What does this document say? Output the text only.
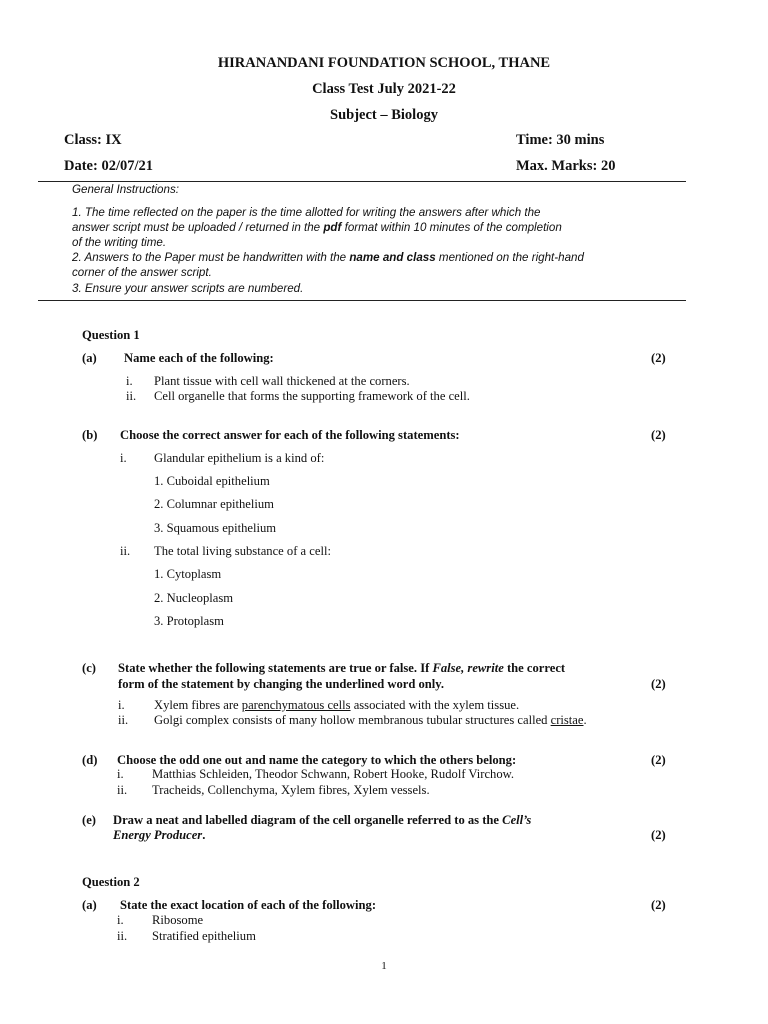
HIRANANDANI FOUNDATION SCHOOL, THANE
Class Test July 2021-22
Subject – Biology
Class: IX	Time: 30 mins
Date: 02/07/21	Max. Marks: 20
General Instructions:
1. The time reflected on the paper is the time allotted for writing the answers after which the
answer script must be uploaded / returned in the pdf format within 10 minutes of the completion
of the writing time.
2. Answers to the Paper must be handwritten with the name and class mentioned on the right-hand
corner of the answer script.
3. Ensure your answer scripts are numbered.
Question 1
(a) Name each of the following:	(2)
i. Plant tissue with cell wall thickened at the corners.
ii. Cell organelle that forms the supporting framework of the cell.
(b) Choose the correct answer for each of the following statements:	(2)
i. Glandular epithelium is a kind of:
1. Cuboidal epithelium
2. Columnar epithelium
3. Squamous epithelium
ii. The total living substance of a cell:
1. Cytoplasm
2. Nucleoplasm
3. Protoplasm
(c) State whether the following statements are true or false. If False, rewrite the correct
form of the statement by changing the underlined word only.	(2)
i. Xylem fibres are parenchymatous cells associated with the xylem tissue.
ii. Golgi complex consists of many hollow membranous tubular structures called cristae.
(d) Choose the odd one out and name the category to which the others belong:	(2)
i. Matthias Schleiden, Theodor Schwann, Robert Hooke, Rudolf Virchow.
ii. Tracheids, Collenchyma, Xylem fibres, Xylem vessels.
(e) Draw a neat and labelled diagram of the cell organelle referred to as the Cell’s
Energy Producer.	(2)
Question 2
(a) State the exact location of each of the following:	(2)
i. Ribosome
ii. Stratified epithelium
1
